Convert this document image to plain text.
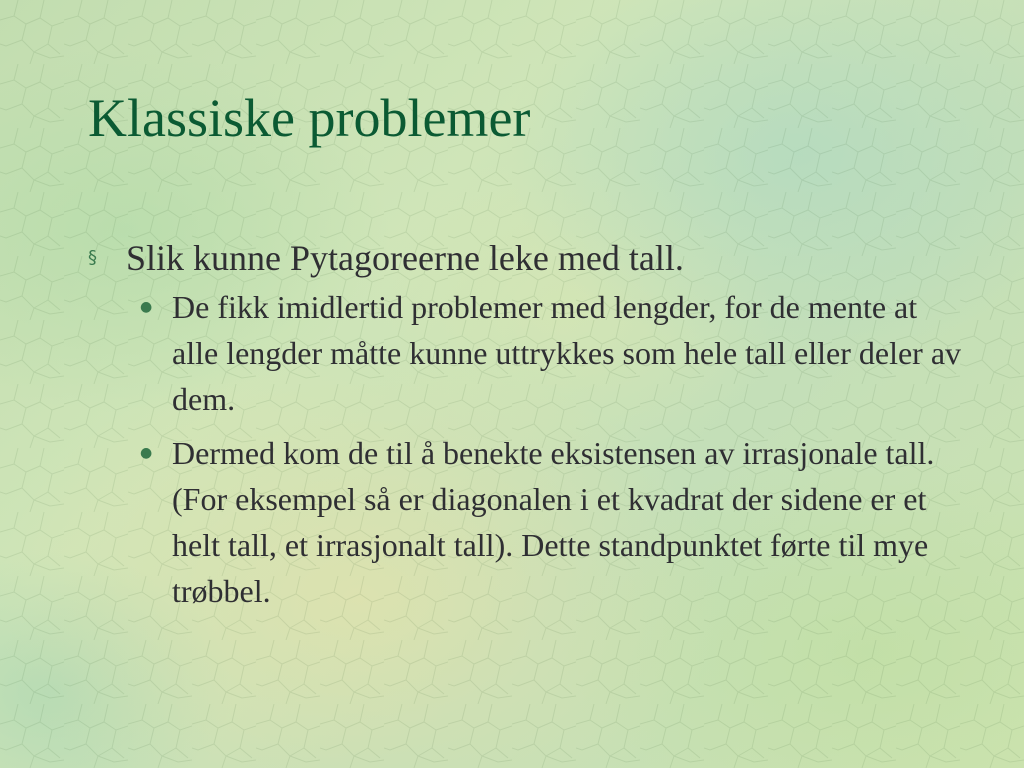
Klassiske problemer
§ Slik kunne Pytagoreerne leke med tall.
● De fikk imidlertid problemer med lengder, for de mente at alle lengder måtte kunne uttrykkes som hele tall eller deler av dem.
● Dermed kom de til å benekte eksistensen av irrasjonale tall. (For eksempel så er diagonalen i et kvadrat der sidene er et helt tall, et irrasjonalt tall). Dette standpunktet førte til mye trøbbel.
